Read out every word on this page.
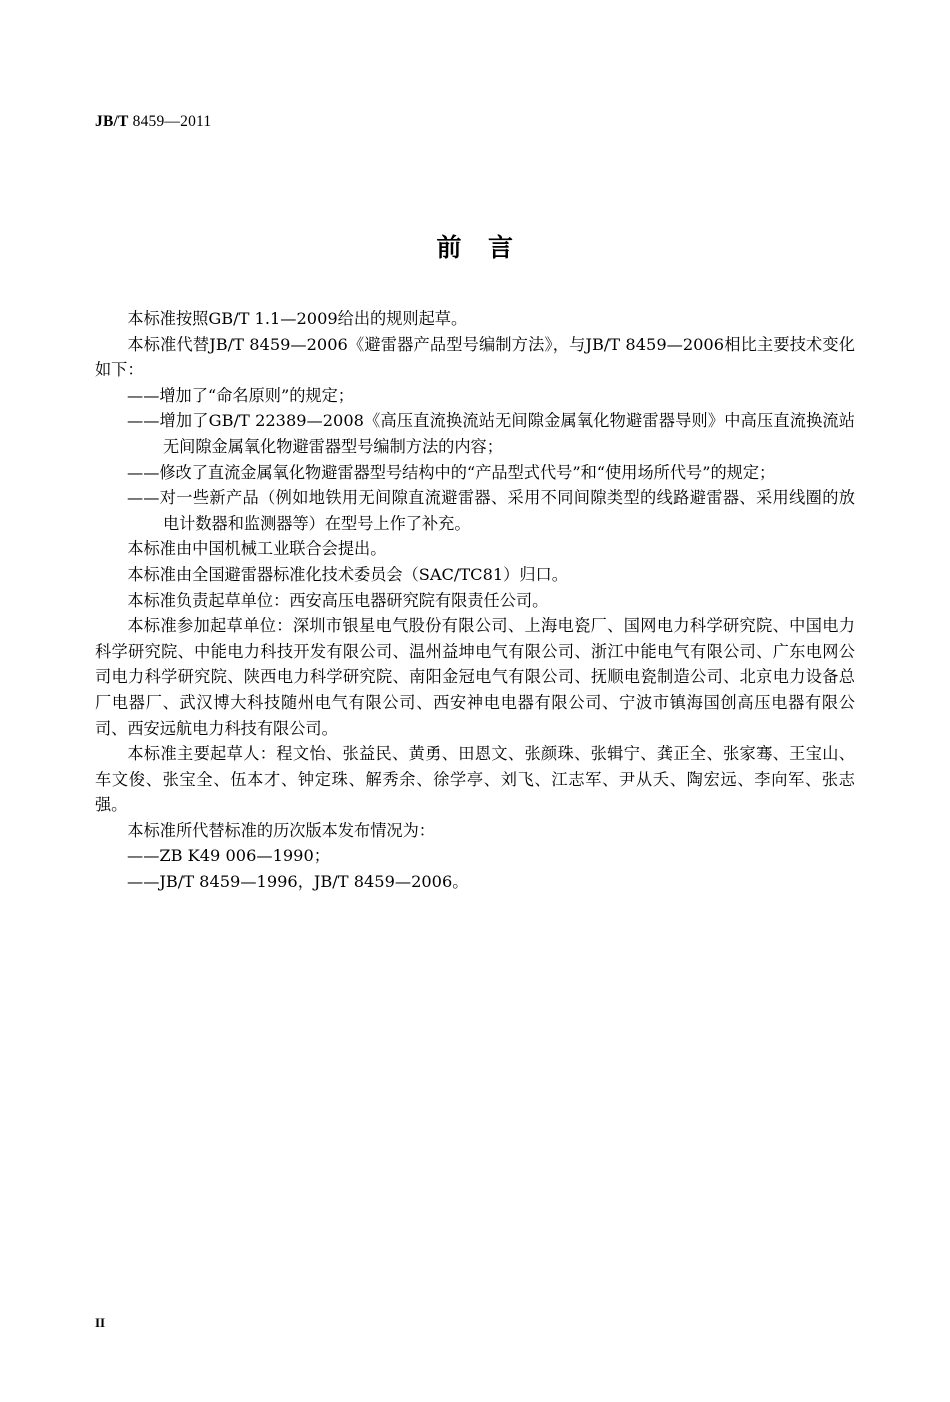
JB/T 8459—2011
前 言

本标准按照GB/T 1.1—2009给出的规则起草。

本标准代替JB/T 8459—2006《避雷器产品型号编制方法》，与JB/T 8459—2006相比主要技术变化如下：

——增加了“命名原则”的规定；

——增加了GB/T 22389—2008《高压直流换流站无间隙金属氧化物避雷器导则》中高压直流换流站无间隙金属氧化物避雷器型号编制方法的内容；

——修改了直流金属氧化物避雷器型号结构中的“产品型式代号”和“使用场所代号”的规定；

——对一些新产品（例如地铁用无间隙直流避雷器、采用不同间隙类型的线路避雷器、采用线圈的放电计数器和监测器等）在型号上作了补充。

本标准由中国机械工业联合会提出。

本标准由全国避雷器标准化技术委员会（SAC/TC81）归口。

本标准负责起草单位：西安高压电器研究院有限责任公司。

本标准参加起草单位：深圳市银星电气股份有限公司、上海电瓷厂、国网电力科学研究院、中国电力科学研究院、中能电力科技开发有限公司、温州益坤电气有限公司、浙江中能电气有限公司、广东电网公司电力科学研究院、陕西电力科学研究院、南阳金冠电气有限公司、抚顺电瓷制造公司、北京电力设备总厂电器厂、武汉博大科技随州电气有限公司、西安神电电器有限公司、宁波市镇海国创高压电器有限公司、西安远航电力科技有限公司。

本标准主要起草人：程文怡、张益民、黄勇、田恩文、张颜珠、张辑宁、龚正全、张家骞、王宝山、车文俊、张宝全、伍本才、钟定珠、解秀余、徐学亭、刘飞、江志军、尹从夭、陶宏远、李向军、张志强。

本标准所代替标准的历次版本发布情况为：

——ZB K49 006—1990；

——JB/T 8459—1996，JB/T 8459—2006。

II
